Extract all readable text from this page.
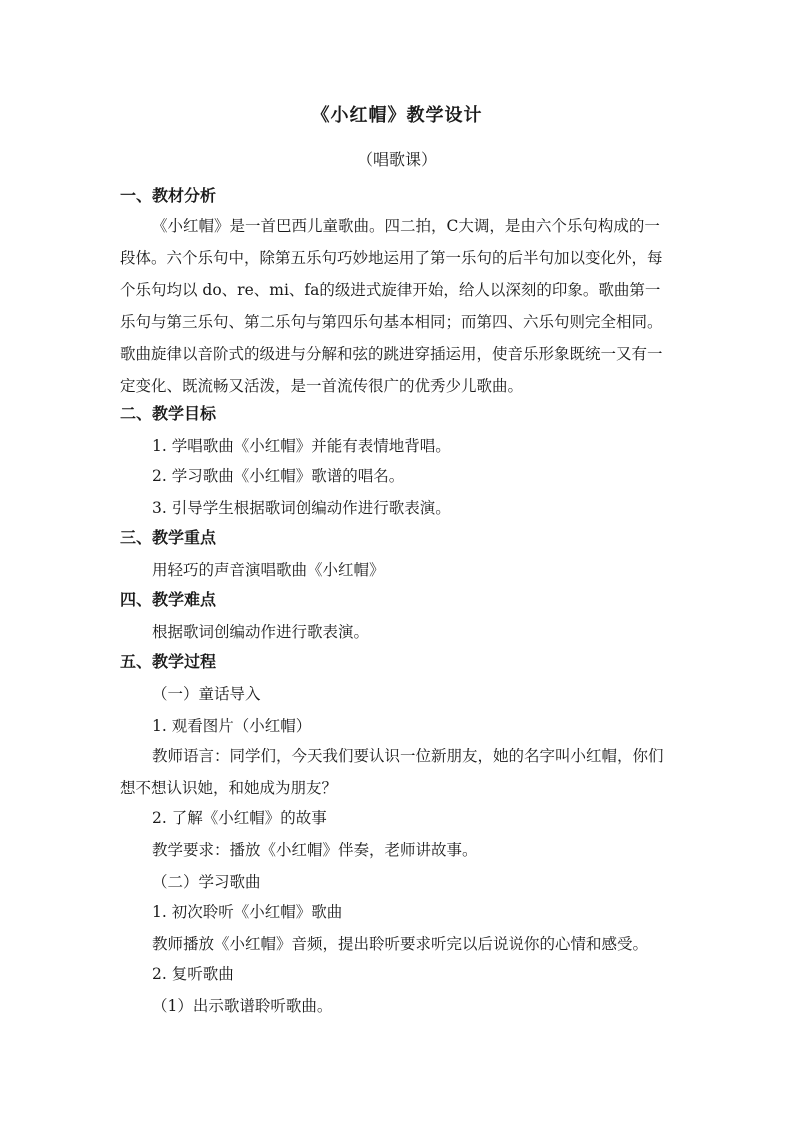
《小红帽》教学设计
（唱歌课）
一、教材分析
《小红帽》是一首巴西儿童歌曲。四二拍，C大调，是由六个乐句构成的一
段体。六个乐句中，除第五乐句巧妙地运用了第一乐句的后半句加以变化外，每
个乐句均以 do、re、mi、fa的级进式旋律开始，给人以深刻的印象。歌曲第一
乐句与第三乐句、第二乐句与第四乐句基本相同；而第四、六乐句则完全相同。
歌曲旋律以音阶式的级进与分解和弦的跳进穿插运用，使音乐形象既统一又有一
定变化、既流畅又活泼，是一首流传很广的优秀少儿歌曲。
二、教学目标
1. 学唱歌曲《小红帽》并能有表情地背唱。
2. 学习歌曲《小红帽》歌谱的唱名。
3. 引导学生根据歌词创编动作进行歌表演。
三、教学重点
用轻巧的声音演唱歌曲《小红帽》
四、教学难点
根据歌词创编动作进行歌表演。
五、教学过程
（一）童话导入
1. 观看图片（小红帽）
教师语言：同学们，今天我们要认识一位新朋友，她的名字叫小红帽，你们
想不想认识她，和她成为朋友？
2. 了解《小红帽》的故事
教学要求：播放《小红帽》伴奏，老师讲故事。
（二）学习歌曲
1. 初次聆听《小红帽》歌曲
教师播放《小红帽》音频，提出聆听要求听完以后说说你的心情和感受。
2. 复听歌曲
（1）出示歌谱聆听歌曲。
